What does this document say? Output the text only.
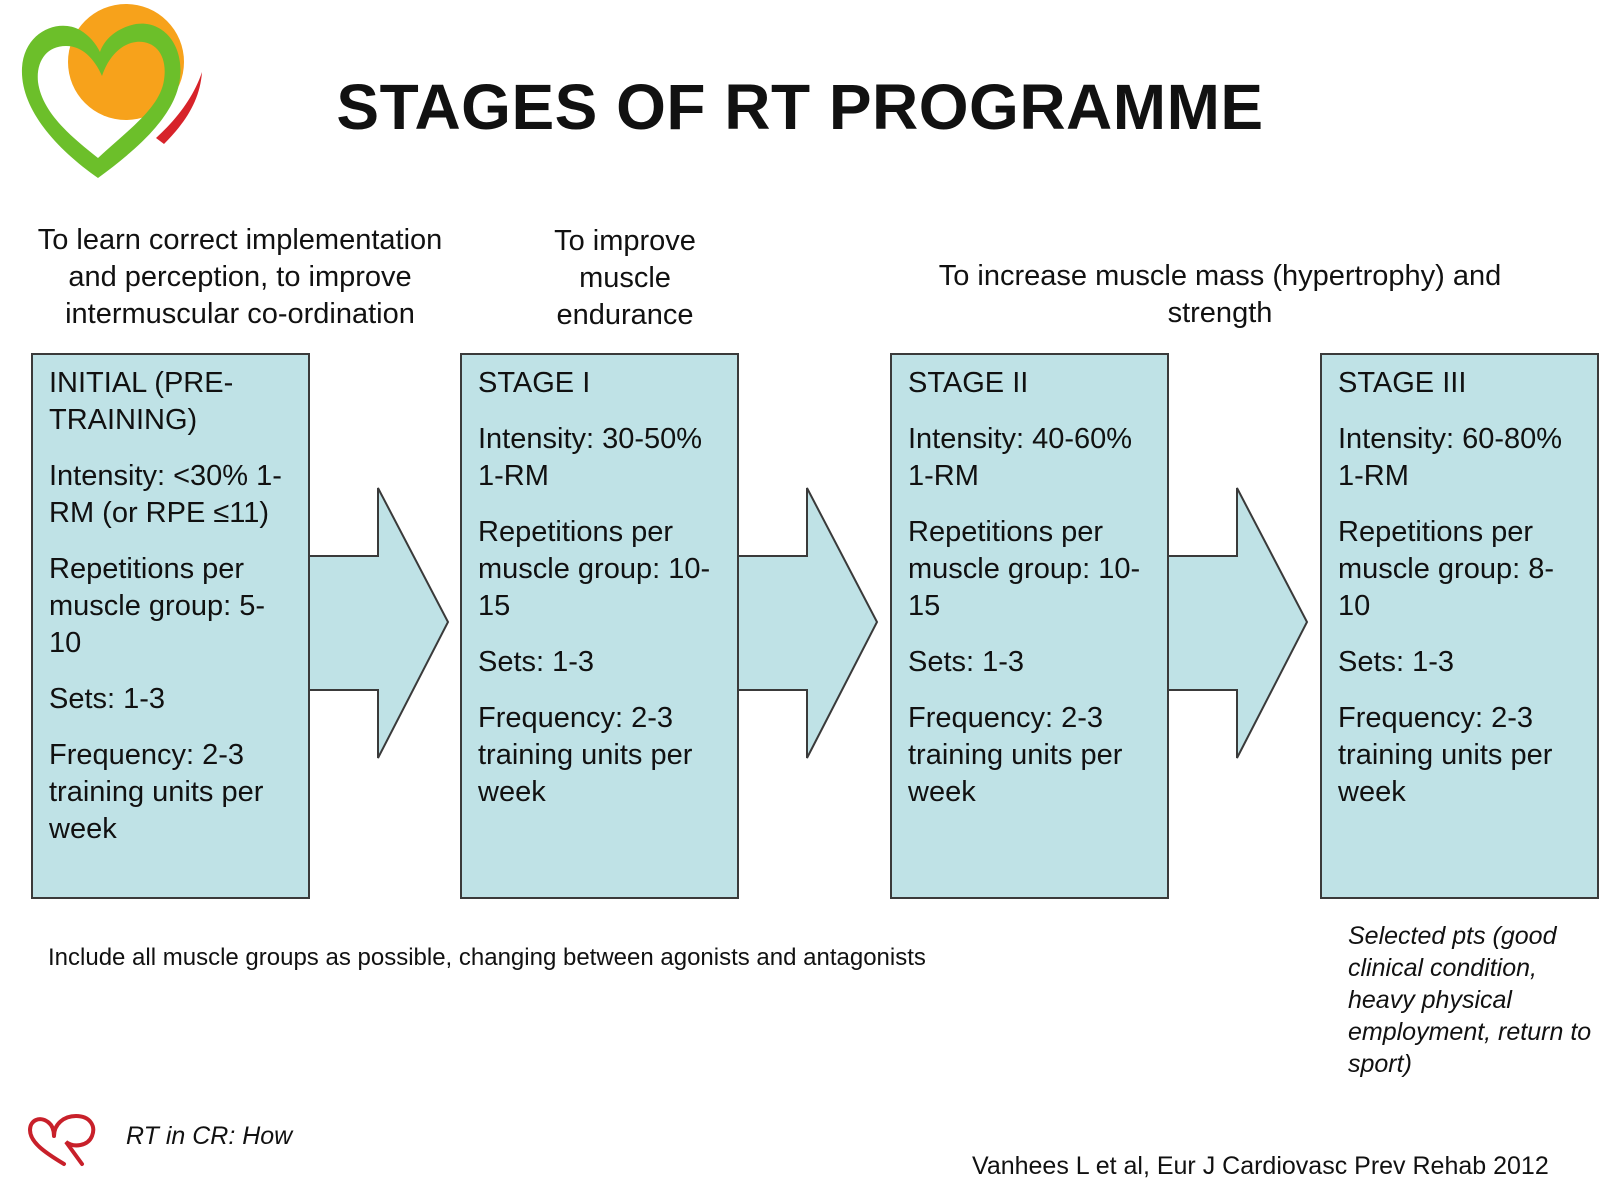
STAGES OF RT PROGRAMME
To learn correct implementation and perception, to improve intermuscular co-ordination
To improve muscle endurance
To increase muscle mass (hypertrophy) and strength

INITIAL (PRE-TRAINING)

Intensity: <30% 1-RM (or RPE ≤11)

Repetitions per muscle group: 5-10

Sets: 1-3

Frequency: 2-3 training units per week

STAGE I

Intensity: 30-50% 1-RM

Repetitions per muscle group: 10-15

Sets: 1-3

Frequency: 2-3 training units per week

STAGE II

Intensity: 40-60% 1-RM

Repetitions per muscle group: 10-15

Sets: 1-3

Frequency: 2-3 training units per week

STAGE III

Intensity: 60-80% 1-RM

Repetitions per muscle group: 8-10

Sets: 1-3

Frequency: 2-3 training units per week

Include all muscle groups as possible, changing between agonists and antagonists
Selected pts (good clinical condition, heavy physical employment, return to sport)
RT in CR: How
Vanhees L et al, Eur J Cardiovasc Prev Rehab 2012
